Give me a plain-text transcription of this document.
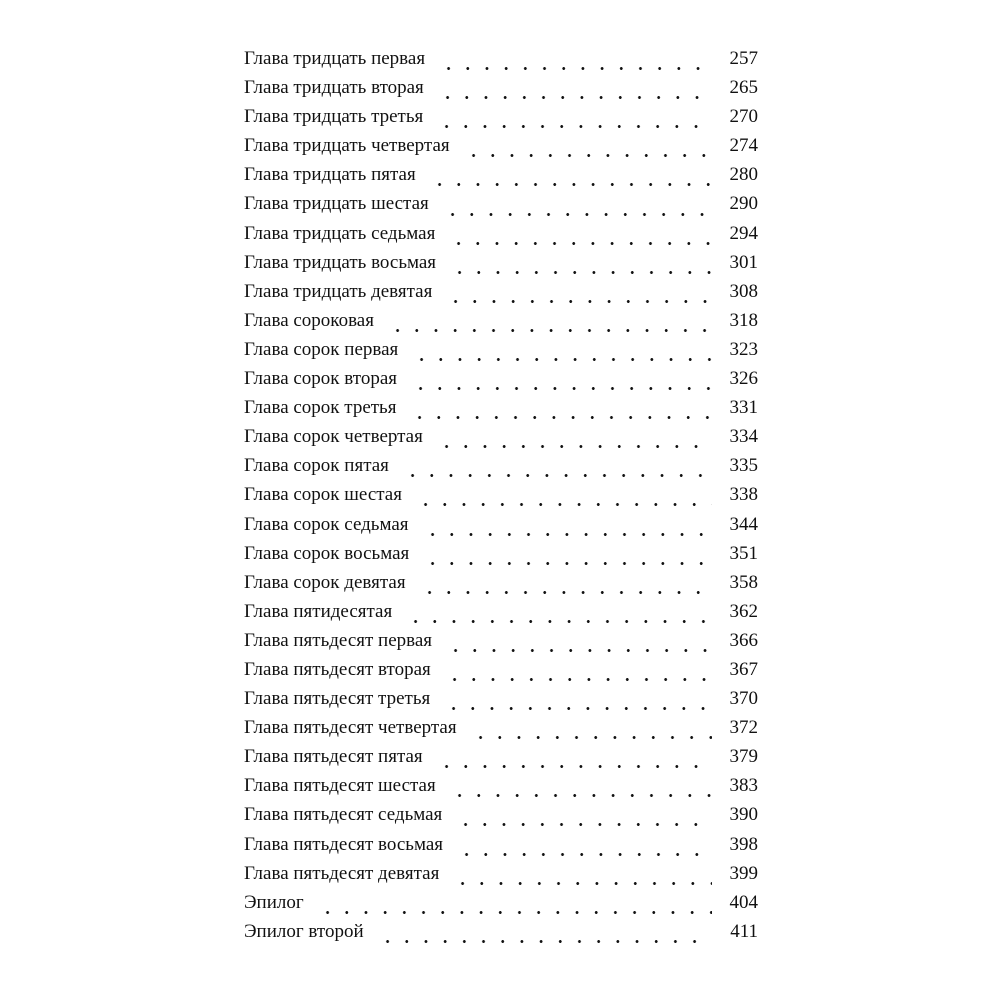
Глава тридцать первая	257
Глава тридцать вторая	265
Глава тридцать третья	270
Глава тридцать четвертая	274
Глава тридцать пятая	280
Глава тридцать шестая	290
Глава тридцать седьмая	294
Глава тридцать восьмая	301
Глава тридцать девятая	308
Глава сороковая	318
Глава сорок первая	323
Глава сорок вторая	326
Глава сорок третья	331
Глава сорок четвертая	334
Глава сорок пятая	335
Глава сорок шестая	338
Глава сорок седьмая	344
Глава сорок восьмая	351
Глава сорок девятая	358
Глава пятидесятая	362
Глава пятьдесят первая	366
Глава пятьдесят вторая	367
Глава пятьдесят третья	370
Глава пятьдесят четвертая	372
Глава пятьдесят пятая	379
Глава пятьдесят шестая	383
Глава пятьдесят седьмая	390
Глава пятьдесят восьмая	398
Глава пятьдесят девятая	399
Эпилог	404
Эпилог второй	411
